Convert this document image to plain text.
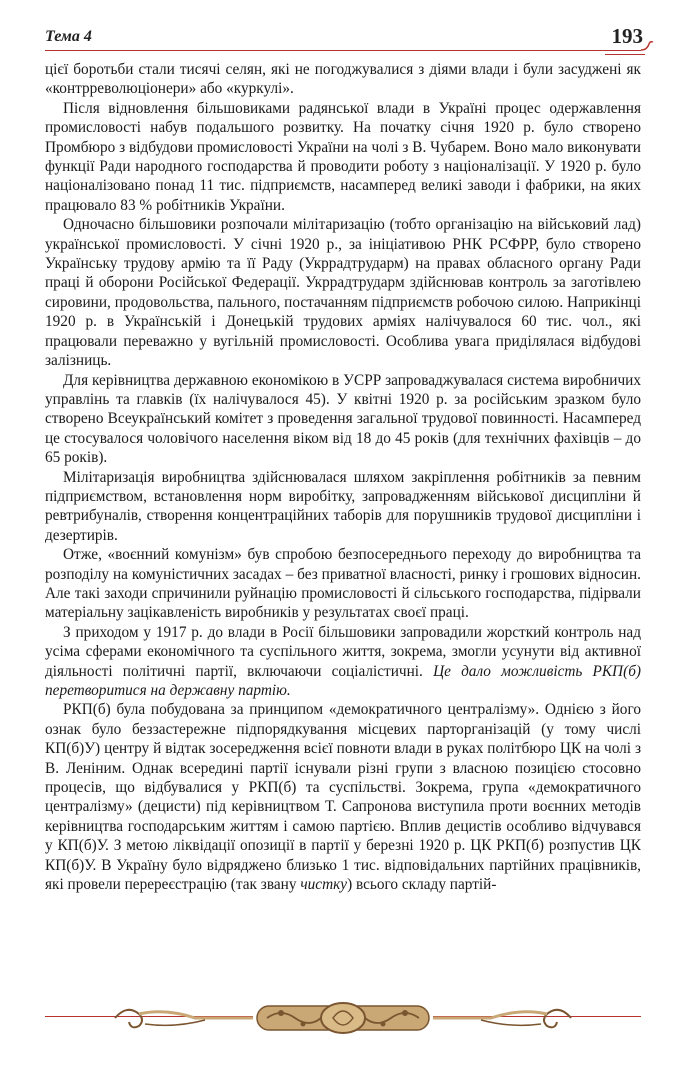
Тема 4	193

цієї боротьби стали тисячі селян, які не погоджувалися з діями влади і були засуджені як «контрреволюціонери» або «куркулі».

Після відновлення більшовиками радянської влади в Україні процес одержавлення промисловості набув подальшого розвитку. На початку січня 1920 р. було створено Промбюро з відбудови промисловості України на чолі з В. Чубарем. Воно мало виконувати функції Ради народного господарства й проводити роботу з націоналізації. У 1920 р. було націоналізовано понад 11 тис. підприємств, насамперед великі заводи і фабрики, на яких працювало 83 % робітників України.

Одночасно більшовики розпочали мілітаризацію (тобто організацію на військовий лад) української промисловості. У січні 1920 р., за ініціативою РНК РСФРР, було створено Українську трудову армію та її Раду (Укррадтрударм) на правах обласного органу Ради праці й оборони Російської Федерації. Укррадтрударм здійснював контроль за заготівлею сировини, продовольства, пального, постачанням підприємств робочою силою. Наприкінці 1920 р. в Українській і Донецькій трудових арміях налічувалося 60 тис. чол., які працювали переважно у вугільній промисловості. Особлива увага приділялася відбудові залізниць.

Для керівництва державною економікою в УСРР запроваджувалася система виробничих управлінь та главків (їх налічувалося 45). У квітні 1920 р. за російським зразком було створено Всеукраїнський комітет з проведення загальної трудової повинності. Насамперед це стосувалося чоловічого населення віком від 18 до 45 років (для технічних фахівців – до 65 років).

Мілітаризація виробництва здійснювалася шляхом закріплення робітників за певним підприємством, встановлення норм виробітку, запровадженням військової дисципліни й ревтрибуналів, створення концентраційних таборів для порушників трудової дисципліни і дезертирів.

Отже, «воєнний комунізм» був спробою безпосереднього переходу до виробництва та розподілу на комуністичних засадах – без приватної власності, ринку і грошових відносин. Але такі заходи спричинили руйнацію промисловості й сільського господарства, підірвали матеріальну зацікавленість виробників у результатах своєї праці.

З приходом у 1917 р. до влади в Росії більшовики запровадили жорсткий контроль над усіма сферами економічного та суспільного життя, зокрема, змогли усунути від активної діяльності політичні партії, включаючи соціалістичні. Це дало можливість РКП(б) перетворитися на державну партію.

РКП(б) була побудована за принципом «демократичного централізму». Однією з його ознак було беззастережне підпорядкування місцевих парторганізацій (у тому числі КП(б)У) центру й відтак зосередження всієї повноти влади в руках політбюро ЦК на чолі з В. Леніним. Однак всередині партії існували різні групи з власною позицією стосовно процесів, що відбувалися у РКП(б) та суспільстві. Зокрема, група «демократичного централізму» (децисти) під керівництвом Т. Сапронова виступила проти воєнних методів керівництва господарським життям і самою партією. Вплив децистів особливо відчувався у КП(б)У. З метою ліквідації опозиції в партії у березні 1920 р. ЦК РКП(б) розпустив ЦК КП(б)У. В Україну було відряджено близько 1 тис. відповідальних партійних працівників, які провели перереєстрацію (так звану чистку) всього складу партій-
